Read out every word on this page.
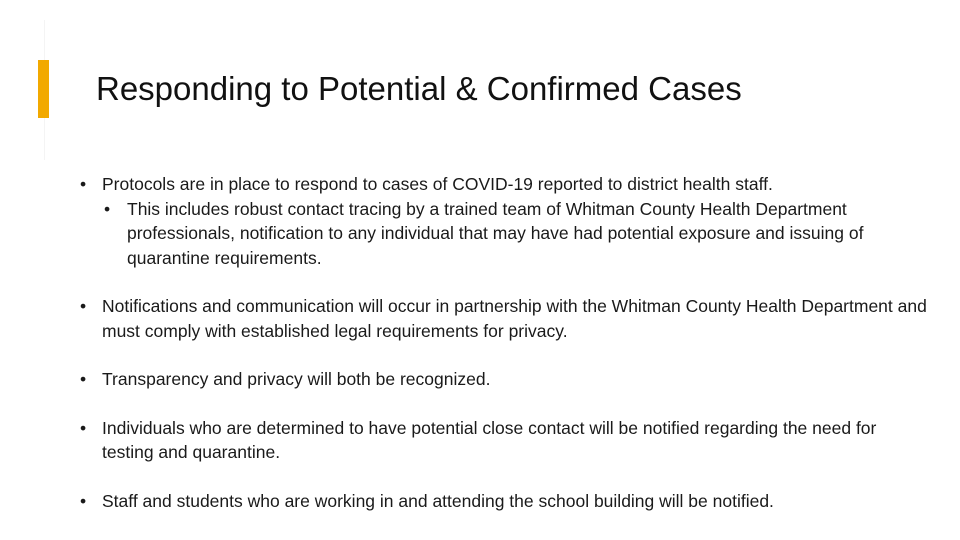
Responding to Potential & Confirmed Cases
• Protocols are in place to respond to cases of COVID-19 reported to district health staff.
• This includes robust contact tracing by a trained team of Whitman County Health Department professionals, notification to any individual that may have had potential exposure and issuing of quarantine requirements.
• Notifications and communication will occur in partnership with the Whitman County Health Department and must comply with established legal requirements for privacy.
• Transparency and privacy will both be recognized.
• Individuals who are determined to have potential close contact will be notified regarding the need for testing and quarantine.
• Staff and students who are working in and attending the school building will be notified.
